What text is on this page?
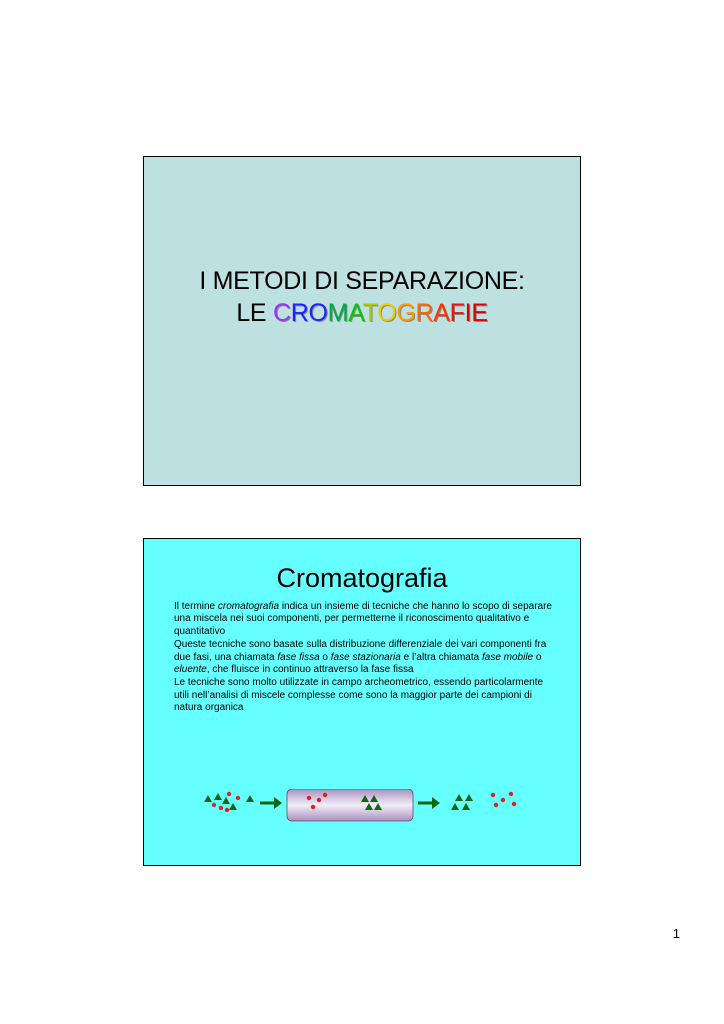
I METODI DI SEPARAZIONE:
LE CROMATOGRAFIE
Cromatografia

Il termine cromatografia indica un insieme di tecniche che hanno lo scopo di separare una miscela nei suoi componenti, per permetterne il riconoscimento qualitativo e quantitativo

Queste tecniche sono basate sulla distribuzione differenziale dei vari componenti fra due fasi, una chiamata fase fissa o fase stazionaria e l’altra chiamata fase mobile o eluente, che fluisce in continuo attraverso la fase fissa

Le tecniche sono molto utilizzate in campo archeometrico, essendo particolarmente utili nell’analisi di miscele complesse come sono la maggior parte dei campioni di natura organica

1
